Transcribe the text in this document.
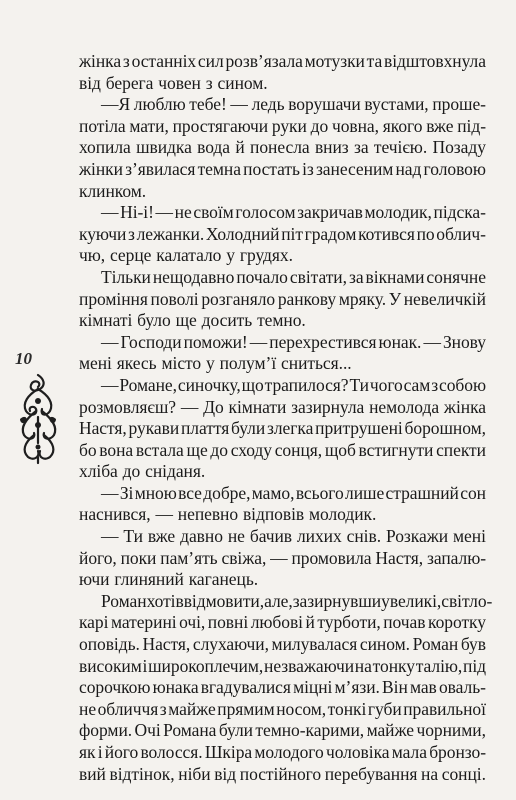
жінка з останніх сил розв’язала мотузки та відштовхнула
від берега човен з сином.
—Я люблю тебе! — ледь ворушачи вустами, проше-
потіла мати, простягаючи руки до човна, якого вже під-
хопила швидка вода й понесла вниз за течією. Позаду
жінки з’явилася темна постать із занесеним над головою
клинком.
— Ні-і! — не своїм голосом закричав молодик, підска-
куючи з лежанки. Холодний піт градом котився по облич-
чю, серце калатало у грудях.
Тільки нещодавно почало світати, за вікнами сонячне
проміння поволі розганяло ранкову мряку. У невеличкій
кімнаті було ще досить темно.
— Господи поможи! — перехрестився юнак. — Знову
мені якесь місто у полум’ї сниться...
— Романе, синочку, що трапилося? Ти чого сам з собою
розмовляєш? — До кімнати зазирнула немолода жінка
Настя, рукави плаття були злегка притрушені борошном,
бо вона встала ще до сходу сонця, щоб встигнути спекти
хліба до сніданя.
— Зі мною все добре, мамо, всього лише страшний сон
наснився, — непевно відповів молодик.
— Ти вже давно не бачив лихих снів. Розкажи мені
його, поки пам’ять свіжа, — промовила Настя, запалю-
ючи глиняний каганець.
Роман хотів відмовити, але, зазирнувши у великі, світло-
карі материні очі, повні любові й турботи, почав коротку
оповідь. Настя, слухаючи, милувалася сином. Роман був
високим і широкоплечим, незважаючи на тонку талію, під
сорочкою юнака вгадувалися міцні м’язи. Він мав оваль-
не обличчя з майже прямим носом, тонкі губи правильної
форми. Очі Романа були темно-карими, майже чорними,
як і його волосся. Шкіра молодого чоловіка мала бронзо-
вий відтінок, ніби від постійного перебування на сонці.
10
